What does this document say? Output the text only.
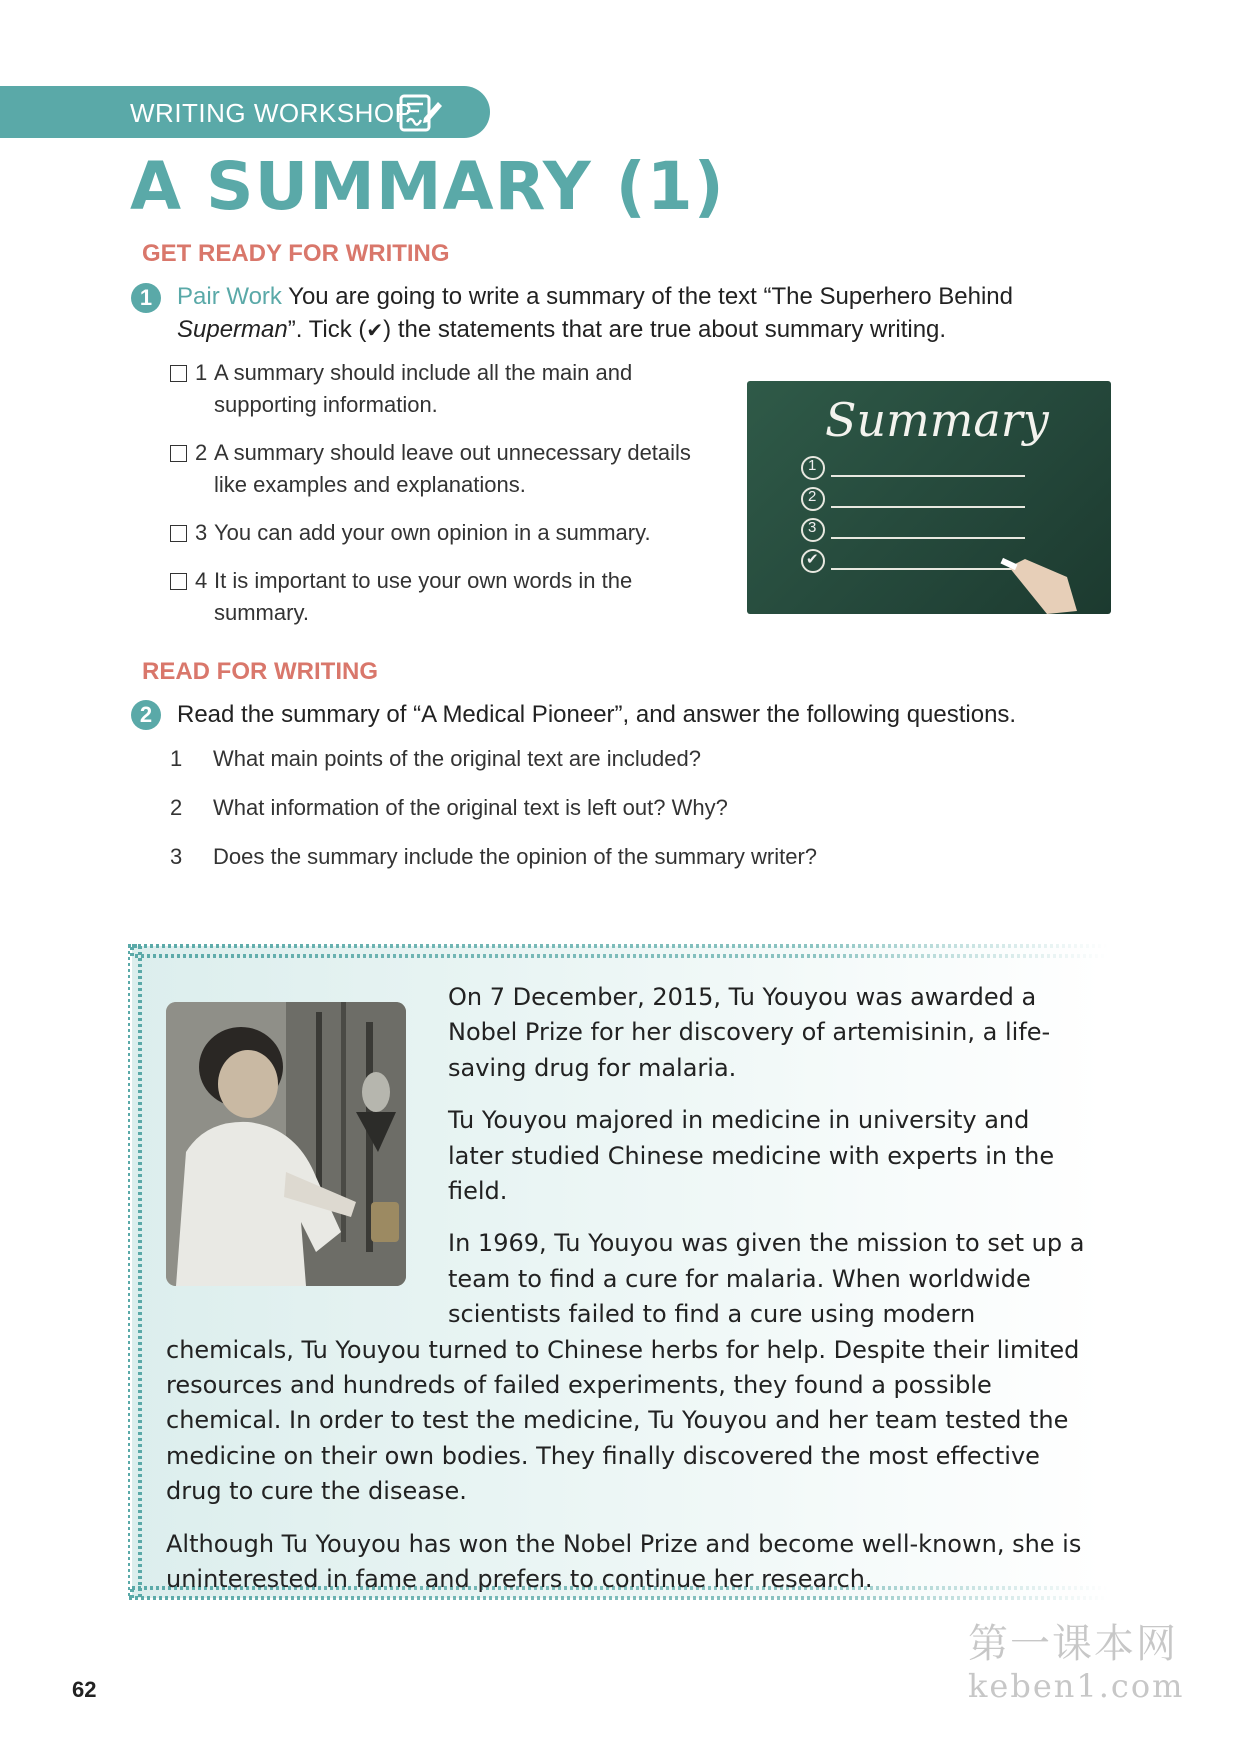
WRITING WORKSHOP
A SUMMARY (1)
GET READY FOR WRITING
1	Pair Work You are going to write a summary of the text “The Superhero Behind Superman”. Tick (✔) the statements that are true about summary writing.
1 A summary should include all the main and supporting information.
2 A summary should leave out unnecessary details like examples and explanations.
3 You can add your own opinion in a summary.
4 It is important to use your own words in the summary.
Summary
1
2
3
✔
READ FOR WRITING
2	Read the summary of “A Medical Pioneer”, and answer the following questions.
1 What main points of the original text are included?
2 What information of the original text is left out? Why?
3 Does the summary include the opinion of the summary writer?

On 7 December, 2015, Tu Youyou was awarded a Nobel Prize for her discovery of artemisinin, a life-saving drug for malaria.

Tu Youyou majored in medicine in university and later studied Chinese medicine with experts in the field.

In 1969, Tu Youyou was given the mission to set up a team to find a cure for malaria. When worldwide scientists failed to find a cure using modern chemicals, Tu Youyou turned to Chinese herbs for help. Despite their limited resources and hundreds of failed experiments, they found a possible chemical. In order to test the medicine, Tu Youyou and her team tested the medicine on their own bodies. They finally discovered the most effective drug to cure the disease.

Although Tu Youyou has won the Nobel Prize and become well-known, she is uninterested in fame and prefers to continue her research.

62
第一课本网
keben1.com
